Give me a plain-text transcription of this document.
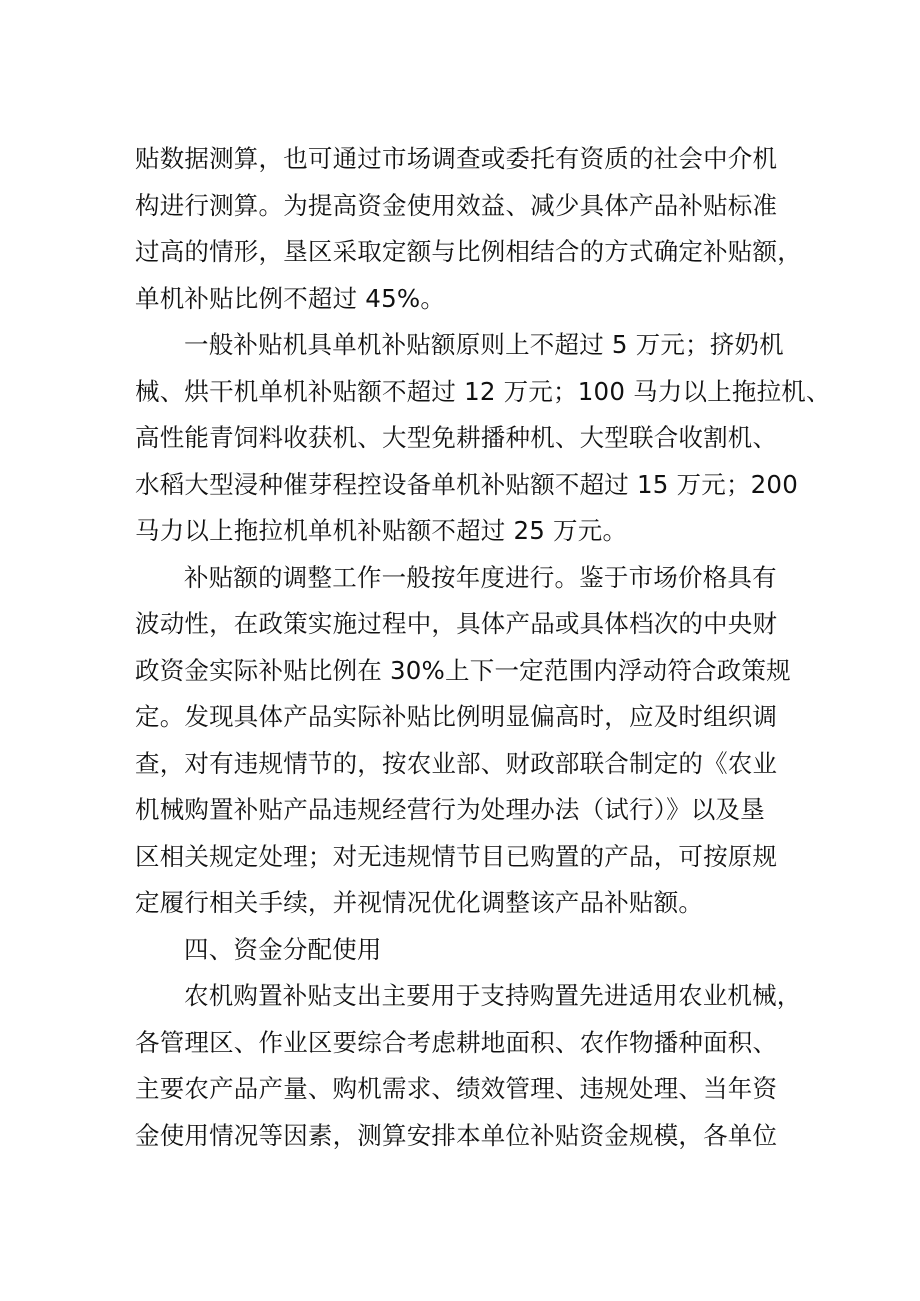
贴数据测算，也可通过市场调查或委托有资质的社会中介机
构进行测算。为提高资金使用效益、减少具体产品补贴标准
过高的情形，垦区采取定额与比例相结合的方式确定补贴额，
单机补贴比例不超过 45%。
一般补贴机具单机补贴额原则上不超过 5 万元；挤奶机
械、烘干机单机补贴额不超过 12 万元；100 马力以上拖拉机、
高性能青饲料收获机、大型免耕播种机、大型联合收割机、
水稻大型浸种催芽程控设备单机补贴额不超过 15 万元；200
马力以上拖拉机单机补贴额不超过 25 万元。
补贴额的调整工作一般按年度进行。鉴于市场价格具有
波动性，在政策实施过程中，具体产品或具体档次的中央财
政资金实际补贴比例在 30%上下一定范围内浮动符合政策规
定。发现具体产品实际补贴比例明显偏高时，应及时组织调
查，对有违规情节的，按农业部、财政部联合制定的《农业
机械购置补贴产品违规经营行为处理办法（试行）》以及垦
区相关规定处理；对无违规情节目已购置的产品，可按原规
定履行相关手续，并视情况优化调整该产品补贴额。
四、资金分配使用
农机购置补贴支出主要用于支持购置先进适用农业机械，
各管理区、作业区要综合考虑耕地面积、农作物播种面积、
主要农产品产量、购机需求、绩效管理、违规处理、当年资
金使用情况等因素，测算安排本单位补贴资金规模，各单位
